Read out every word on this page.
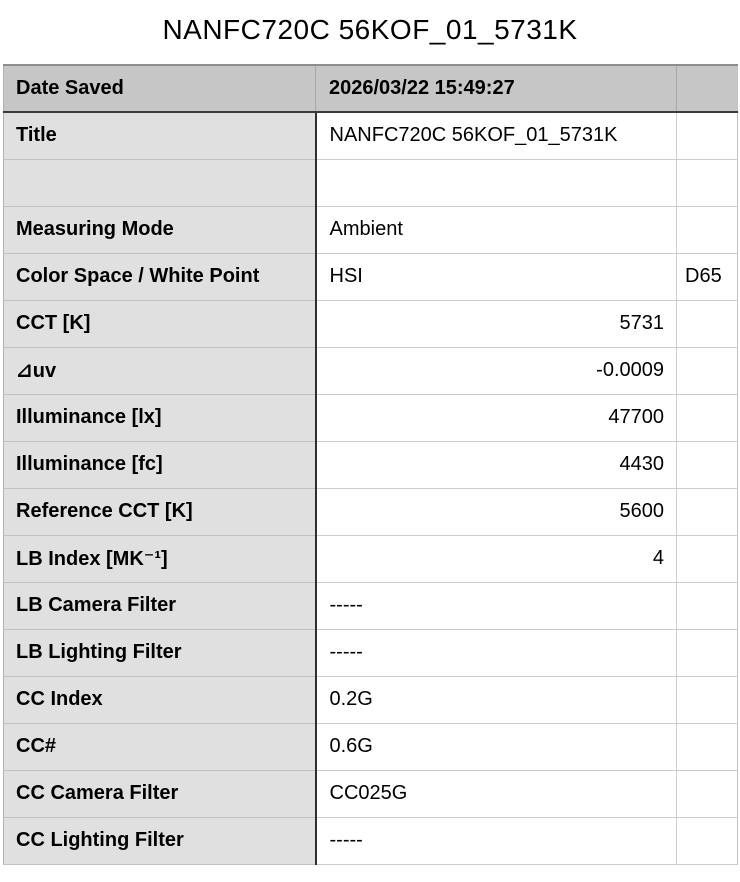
NANFC720C 56KOF_01_5731K
Date Saved	2026/03/22 15:49:27	
Title	NANFC720C 56KOF_01_5731K	

Measuring Mode	Ambient	
Color Space / White Point	HSI	D65
CCT [K]	5731	
⊿uv	-0.0009	
Illuminance [lx]	47700	
Illuminance [fc]	4430	
Reference CCT [K]	5600	
LB Index [MK⁻¹]	4	
LB Camera Filter	-----	
LB Lighting Filter	-----	
CC Index	0.2G	
CC#	0.6G	
CC Camera Filter	CC025G	
CC Lighting Filter	-----	
